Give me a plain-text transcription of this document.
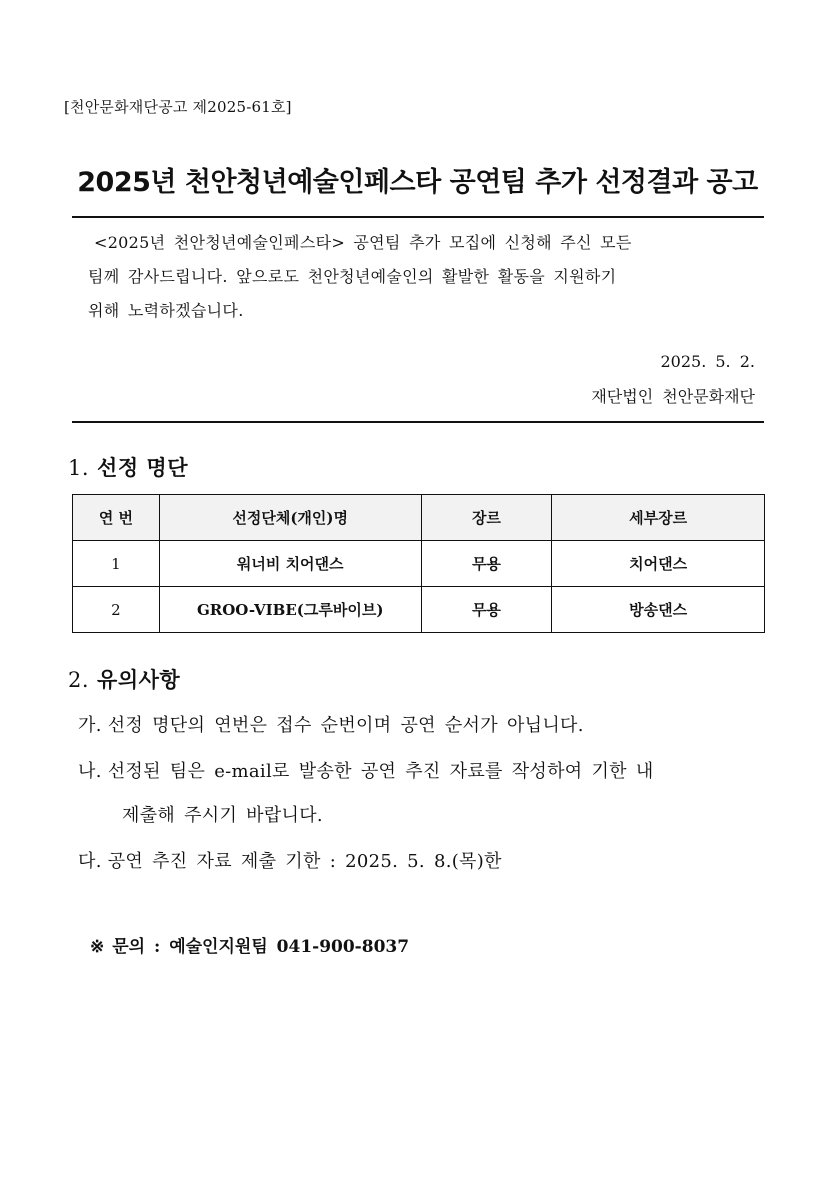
[천안문화재단공고 제2025-61호]
2025년 천안청년예술인페스타 공연팀 추가 선정결과 공고
<2025년 천안청년예술인페스타> 공연팀 추가 모집에 신청해 주신 모든
팀께 감사드립니다. 앞으로도 천안청년예술인의 활발한 활동을 지원하기
위해 노력하겠습니다.
2025. 5. 2.
재단법인 천안문화재단
1. 선정 명단
연 번	선정단체(개인)명	장르	세부장르
1	워너비 치어댄스	무용	치어댄스
2	GROO-VIBE(그루바이브)	무용	방송댄스
2. 유의사항
가. 선정 명단의 연번은 접수 순번이며 공연 순서가 아닙니다.
나. 선정된 팀은 e-mail로 발송한 공연 추진 자료를 작성하여 기한 내
제출해 주시기 바랍니다.
다. 공연 추진 자료 제출 기한 : 2025. 5. 8.(목)한
※ 문의 : 예술인지원팀 041-900-8037
